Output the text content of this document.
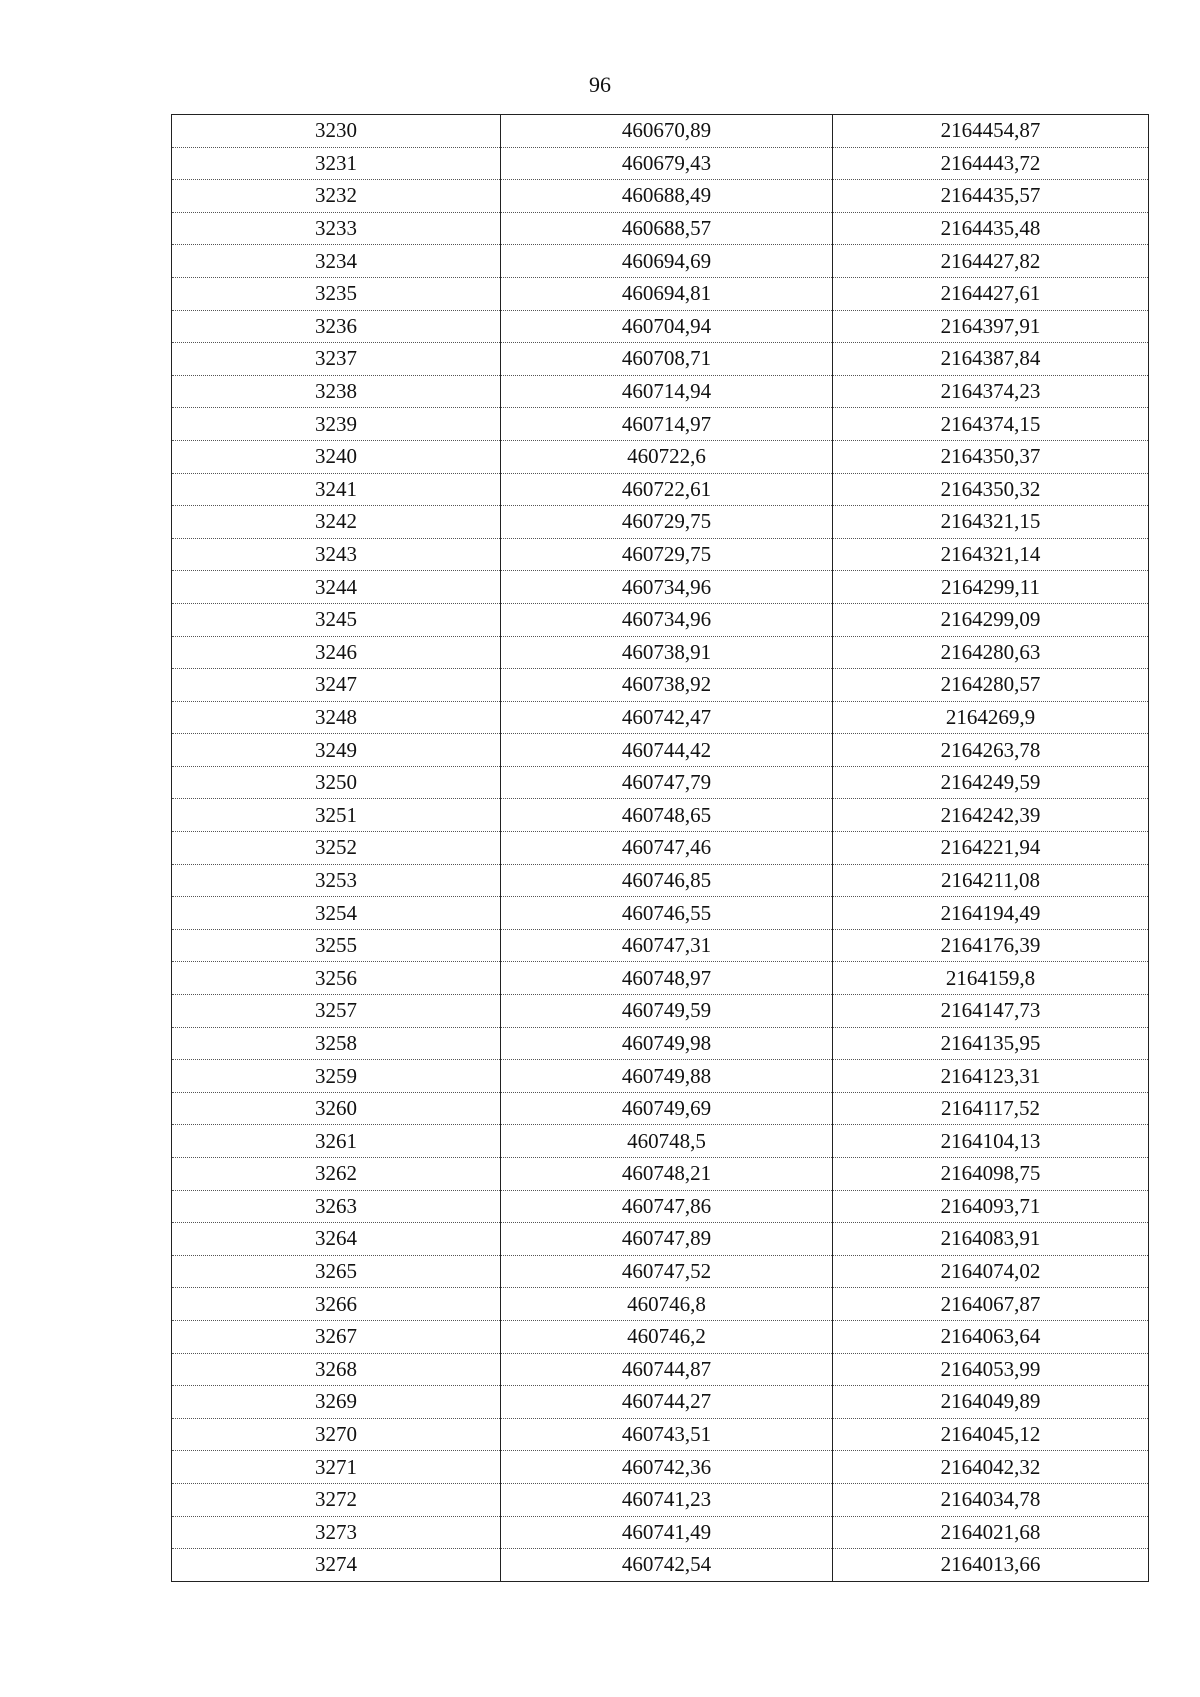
96
3230	460670,89	2164454,87
3231	460679,43	2164443,72
3232	460688,49	2164435,57
3233	460688,57	2164435,48
3234	460694,69	2164427,82
3235	460694,81	2164427,61
3236	460704,94	2164397,91
3237	460708,71	2164387,84
3238	460714,94	2164374,23
3239	460714,97	2164374,15
3240	460722,6	2164350,37
3241	460722,61	2164350,32
3242	460729,75	2164321,15
3243	460729,75	2164321,14
3244	460734,96	2164299,11
3245	460734,96	2164299,09
3246	460738,91	2164280,63
3247	460738,92	2164280,57
3248	460742,47	2164269,9
3249	460744,42	2164263,78
3250	460747,79	2164249,59
3251	460748,65	2164242,39
3252	460747,46	2164221,94
3253	460746,85	2164211,08
3254	460746,55	2164194,49
3255	460747,31	2164176,39
3256	460748,97	2164159,8
3257	460749,59	2164147,73
3258	460749,98	2164135,95
3259	460749,88	2164123,31
3260	460749,69	2164117,52
3261	460748,5	2164104,13
3262	460748,21	2164098,75
3263	460747,86	2164093,71
3264	460747,89	2164083,91
3265	460747,52	2164074,02
3266	460746,8	2164067,87
3267	460746,2	2164063,64
3268	460744,87	2164053,99
3269	460744,27	2164049,89
3270	460743,51	2164045,12
3271	460742,36	2164042,32
3272	460741,23	2164034,78
3273	460741,49	2164021,68
3274	460742,54	2164013,66
